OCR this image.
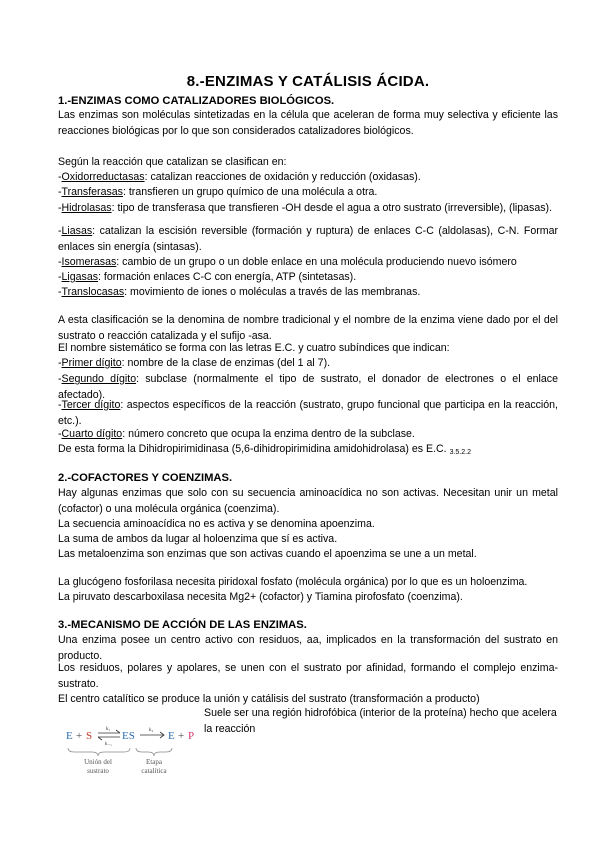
8.-ENZIMAS Y CATÁLISIS ÁCIDA.
1.-ENZIMAS COMO CATALIZADORES BIOLÓGICOS.
Las enzimas son moléculas sintetizadas en la célula que aceleran de forma muy selectiva y eficiente las reacciones biológicas por lo que son considerados catalizadores biológicos.
Según la reacción que catalizan se clasifican en:
-Oxidorreductasas: catalizan reacciones de oxidación y reducción (oxidasas).
-Transferasas: transfieren un grupo químico de una molécula a otra.
-Hidrolasas: tipo de transferasa que transfieren -OH desde el agua a otro sustrato (irreversible), (lipasas).
-Liasas: catalizan la escisión reversible (formación y ruptura) de enlaces C-C (aldolasas), C-N. Formar enlaces sin energía (sintasas).
-Isomerasas: cambio de un grupo o un doble enlace en una molécula produciendo nuevo isómero
-Ligasas: formación enlaces C-C con energía, ATP (sintetasas).
-Translocasas: movimiento de iones o moléculas a través de las membranas.
A esta clasificación se la denomina de nombre tradicional y el nombre de la enzima viene dado por el del sustrato o reacción catalizada y el sufijo -asa.
El nombre sistemático se forma con las letras E.C. y cuatro subíndices que indican:
-Primer dígito: nombre de la clase de enzimas (del 1 al 7).
-Segundo dígito: subclase (normalmente el tipo de sustrato, el donador de electrones o el enlace afectado).
-Tercer dígito: aspectos específicos de la reacción (sustrato, grupo funcional que participa en la reacción, etc.).
-Cuarto dígito: número concreto que ocupa la enzima dentro de la subclase.
De esta forma la Dihidropirimidinasa (5,6-dihidropirimidina amidohidrolasa) es E.C. $_{3.5.2.2}$
2.-COFACTORES Y COENZIMAS.
Hay algunas enzimas que solo con su secuencia aminoacídica no son activas. Necesitan unir un metal (cofactor) o una molécula orgánica (coenzima).
La secuencia aminoacídica no es activa y se denomina apoenzima.
La suma de ambos da lugar al holoenzima que sí es activa.
Las metaloenzima son enzimas que son activas cuando el apoenzima se une a un metal.
La glucógeno fosforilasa necesita piridoxal fosfato (molécula orgánica) por lo que es un holoenzima.
La piruvato descarboxilasa necesita Mg2+ (cofactor) y Tiamina pirofosfato (coenzima).
3.-MECANISMO DE ACCIÓN DE LAS ENZIMAS.
Una enzima posee un centro activo con residuos, aa, implicados en la transformación del sustrato en producto.
Los residuos, polares y apolares, se unen con el sustrato por afinidad, formando el complejo enzima-sustrato.
El centro catalítico se produce la unión y catálisis del sustrato (transformación a producto)
Suele ser una región hidrofóbica (interior de la proteína) hecho que acelera la reacción
E + S
k₁
k₋₁
ES	k₂ E + P
Unión del
sustrato
Etapa
catalítica
